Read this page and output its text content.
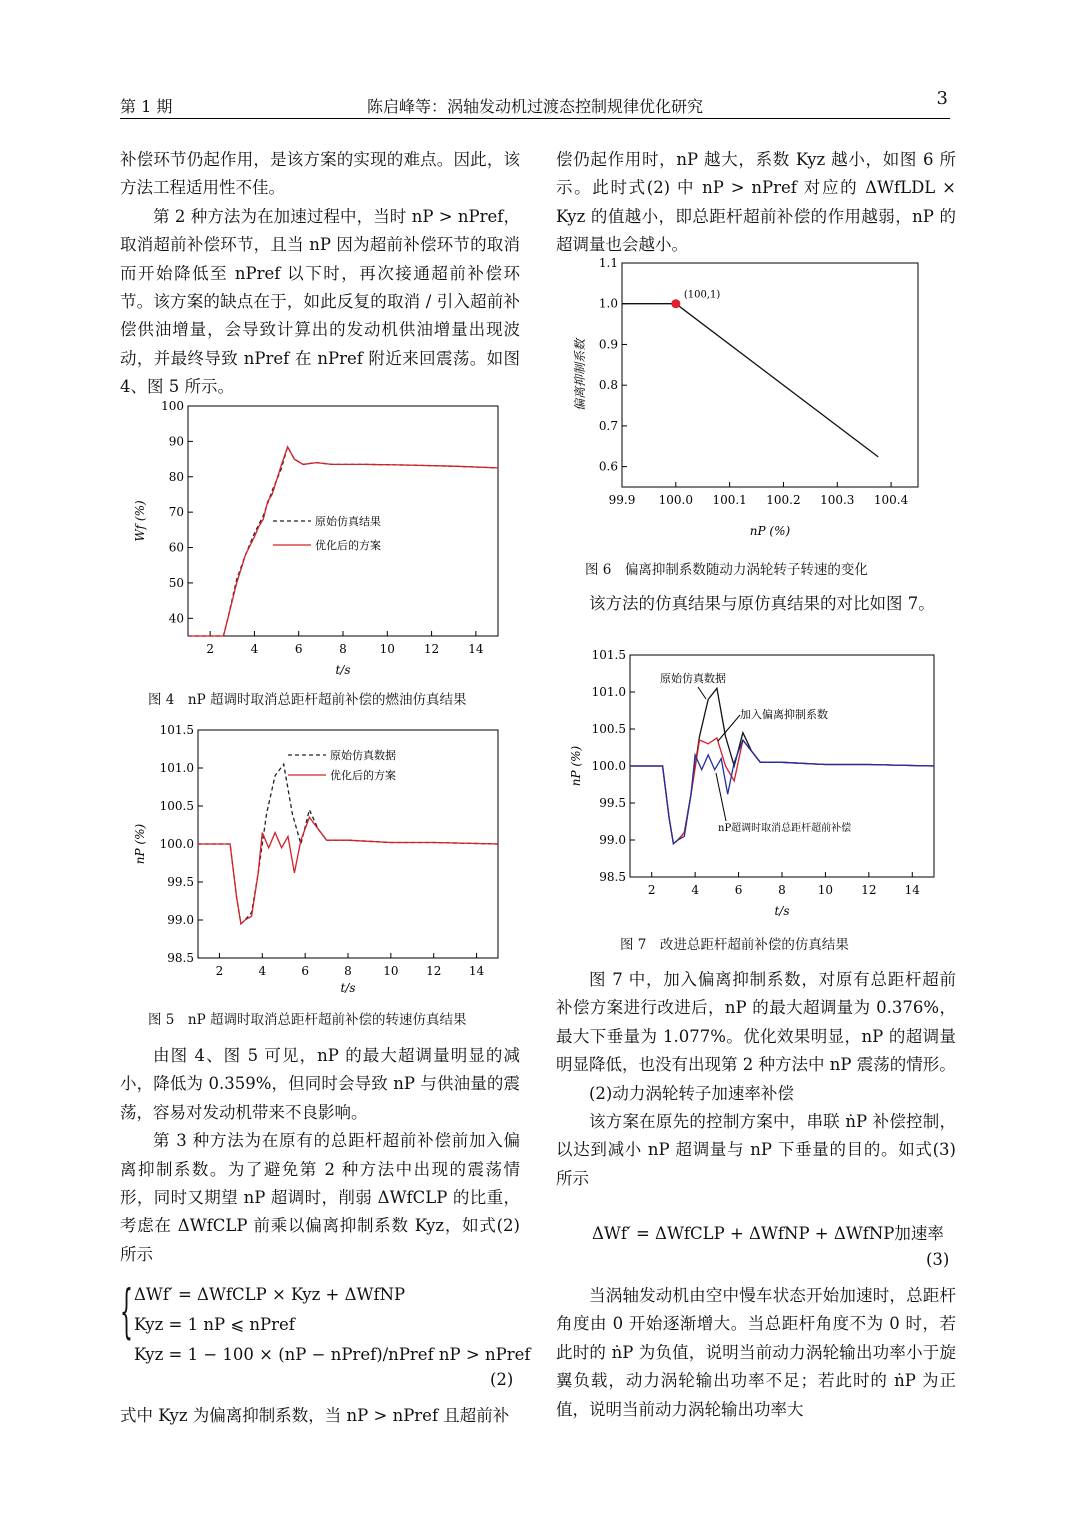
第 1 期	陈启峰等：涡轴发动机过渡态控制规律优化研究	3

补偿环节仍起作用，是该方案的实现的难点。因此，该方法工程适用性不佳。

第 2 种方法为在加速过程中，当时 nP > nPref，取消超前补偿环节，且当 nP 因为超前补偿环节的取消而开始降低至 nPref 以下时，再次接通超前补偿环节。该方案的缺点在于，如此反复的取消 / 引入超前补偿供油增量，会导致计算出的发动机供油增量出现波动，并最终导致 nPref 在 nPref 附近来回震荡。如图 4、图 5 所示。

2	4	6	8	10 12 14
40
50
60
70
80
90
100
t/s
Wf (%)	原始仿真结果
优化后的方案
图 4　nP 超调时取消总距杆超前补偿的燃油仿真结果
2	4	6	8	10 12 14
98.5
99.0
99.5
100.0
100.5
101.0
101.5
t/s
nP (%)
原始仿真数据
优化后的方案
图 5　nP 超调时取消总距杆超前补偿的转速仿真结果

由图 4、图 5 可见，nP 的最大超调量明显的减小，降低为 0.359%，但同时会导致 nP 与供油量的震荡，容易对发动机带来不良影响。

第 3 种方法为在原有的总距杆超前补偿前加入偏离抑制系数。为了避免第 2 种方法中出现的震荡情形，同时又期望 nP 超调时，削弱 ΔWfCLP 的比重，考虑在 ΔWfCLP 前乘以偏离抑制系数 Kyz，如式(2) 所示

{ ΔWf′ = ΔWfCLP × Kyz + ΔWfNP
Kyz = 1 nP ⩽ nPref
Kyz = 1 − 100 × (nP − nPref)/nPref nP > nPref
(2)

式中 Kyz 为偏离抑制系数，当 nP > nPref 且超前补

偿仍起作用时，nP 越大，系数 Kyz 越小，如图 6 所示。此时式(2) 中 nP > nPref 对应的 ΔWfLDL × Kyz 的值越小，即总距杆超前补偿的作用越弱，nP 的超调量也会越小。

99.9 100.0 100.1 100.2 100.3 100.4
0.6
0.7
0.8
0.9
1.0
1.1
nP (%)
偏离抑制系数
(100,1)
图 6　偏离抑制系数随动力涡轮转子转速的变化

该方法的仿真结果与原仿真结果的对比如图 7。

2	4	6	8	10 12 14
98.5
99.0
99.5
100.0
100.5
101.0
101.5
t/s
nP (%)
原始仿真数据
加入偏离抑制系数
nP超调时取消总距杆超前补偿
图 7　改进总距杆超前补偿的仿真结果

图 7 中，加入偏离抑制系数，对原有总距杆超前补偿方案进行改进后，nP 的最大超调量为 0.376%，最大下垂量为 1.077%。优化效果明显，nP 的超调量明显降低，也没有出现第 2 种方法中 nP 震荡的情形。

(2)动力涡轮转子加速率补偿

该方案在原先的控制方案中，串联 ṅP 补偿控制，以达到减小 nP 超调量与 nP 下垂量的目的。如式(3) 所示

ΔWf′ = ΔWfCLP + ΔWfNP + ΔWfNP加速率
(3)

当涡轴发动机由空中慢车状态开始加速时，总距杆角度由 0 开始逐渐增大。当总距杆角度不为 0 时，若此时的 ṅP 为负值，说明当前动力涡轮输出功率小于旋翼负载，动力涡轮输出功率不足；若此时的 ṅP 为正值，说明当前动力涡轮输出功率大
